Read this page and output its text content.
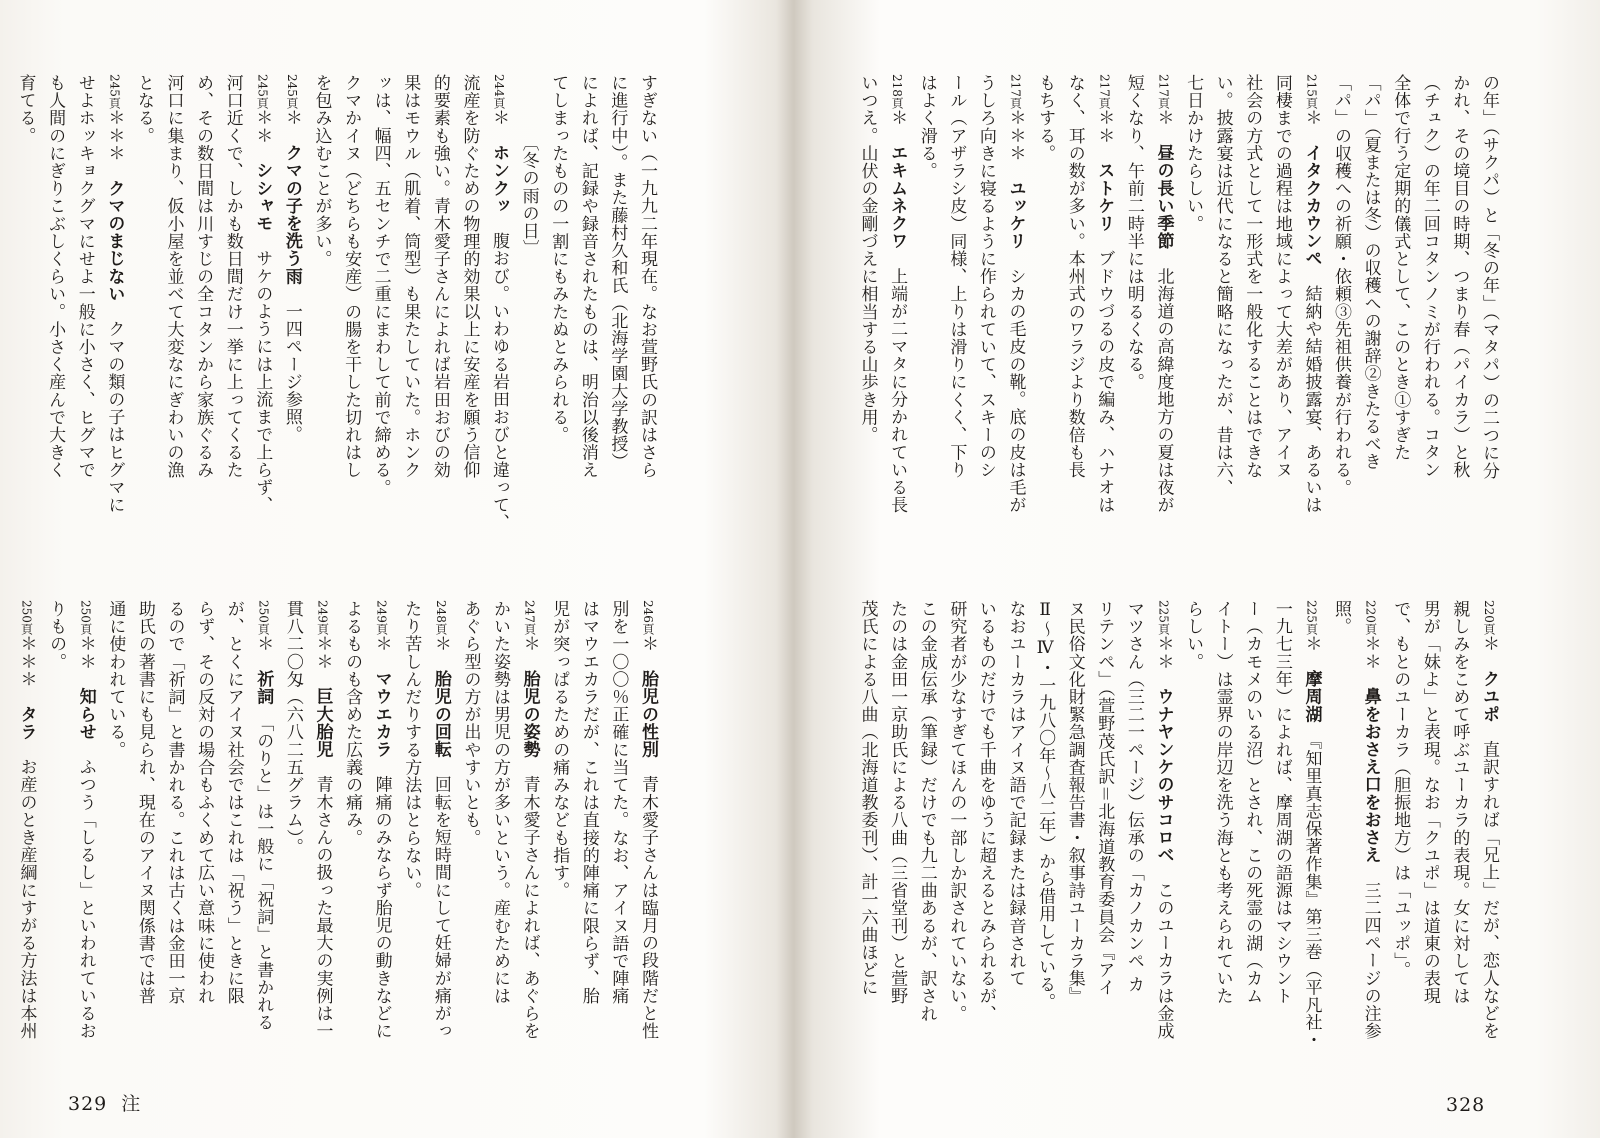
すぎない（一九九二年現在。なお萱野氏の訳はさら
に進行中）。また藤村久和氏（北海学園大学教授）
によれば、記録や録音されたものは、明治以後消え
てしまったものの一割にもみたぬとみられる。
〔冬の雨の日〕
244頁＊　ホンクッ　腹おび。いわゆる岩田おびと違って、
流産を防ぐための物理的効果以上に安産を願う信仰
的要素も強い。青木愛子さんによれば岩田おびの効
果はモウル（肌着、筒型）も果たしていた。ホンク
ッは、幅四、五センチで二重にまわして前で締める。
クマかイヌ（どちらも安産）の腸を干した切れはし
を包み込むことが多い。
245頁＊　クマの子を洗う雨　一四ページ参照。
245頁＊＊　シシャモ　サケのようには上流まで上らず、
河口近くで、しかも数日間だけ一挙に上ってくるた
め、その数日間は川すじの全コタンから家族ぐるみ
河口に集まり、仮小屋を並べて大変なにぎわいの漁
となる。
245頁＊＊＊　クマのまじない　クマの類の子はヒグマに
せよホッキョクグマにせよ一般に小さく、ヒグマで
も人間のにぎりこぶしくらい。小さく産んで大きく
育てる。
246頁＊　胎児の性別　青木愛子さんは臨月の段階だと性
別を一〇〇％正確に当てた。なお、アイヌ語で陣痛
はマウエカラだが、これは直接的陣痛に限らず、胎
児が突っぱるための痛みなども指す。
247頁＊　胎児の姿勢　青木愛子さんによれば、あぐらを
かいた姿勢は男児の方が多いという。産むためには
あぐら型の方が出やすいとも。
248頁＊　胎児の回転　回転を短時間にして妊婦が痛がっ
たり苦しんだりする方法はとらない。
249頁＊　マウエカラ　陣痛のみならず胎児の動きなどに
よるものも含めた広義の痛み。
249頁＊＊　巨大胎児　青木さんの扱った最大の実例は一
貫八二〇匁（六八二五グラム）。
250頁＊　祈詞　「のりと」は一般に「祝詞」と書かれる
が、とくにアイヌ社会ではこれは「祝う」ときに限
らず、その反対の場合もふくめて広い意味に使われ
るので「祈詞」と書かれる。これは古くは金田一京
助氏の著書にも見られ、現在のアイヌ関係書では普
通に使われている。
250頁＊＊　知らせ　ふつう「しるし」といわれているお
りもの。
250頁＊＊＊　タラ　お産のとき産綱にすがる方法は本州
329 注
の年」（サクパ）と「冬の年」（マタパ）の二つに分
かれ、その境目の時期、つまり春（パイカラ）と秋
（チュク）の年二回コタンノミが行われる。コタン
全体で行う定期的儀式として、このとき①すぎた
「パ」（夏または冬）の収穫への謝辞②きたるべき
「パ」の収穫への祈願・依頼③先祖供養が行われる。
215頁＊　イタクカウンペ　結納や結婚披露宴、あるいは
同棲までの過程は地域によって大差があり、アイヌ
社会の方式として一形式を一般化することはできな
い。披露宴は近代になると簡略になったが、昔は六、
七日かけたらしい。
217頁＊　昼の長い季節　北海道の高緯度地方の夏は夜が
短くなり、午前二時半には明るくなる。
217頁＊＊　ストケリ　ブドウづるの皮で編み、ハナオは
なく、耳の数が多い。本州式のワラジより数倍も長
もちする。
217頁＊＊＊　ユッケリ　シカの毛皮の靴。底の皮は毛が
うしろ向きに寝るように作られていて、スキーのシ
ール（アザラシ皮）同様、上りは滑りにくく、下り
はよく滑る。
218頁＊　エキムネクワ　上端が二マタに分かれている長
いつえ。山伏の金剛づえに相当する山歩き用。
220頁＊　クユポ　直訳すれば「兄上」だが、恋人などを
親しみをこめて呼ぶユーカラ的表現。女に対しては
男が「妹よ」と表現。なお「クユポ」は道東の表現
で、もとのユーカラ（胆振地方）は「ユッポ」。
220頁＊＊　鼻をおさえ口をおさえ　三二四ページの注参
照。
225頁＊　摩周湖　『知里真志保著作集』第三巻（平凡社・
一九七三年）によれば、摩周湖の語源はマシウント
ー（カモメのいる沼）とされ、この死霊の湖（カム
イトー）は霊界の岸辺を洗う海とも考えられていた
らしい。
225頁＊＊　ウナヤンケのサコロベ　このユーカラは金成
マツさん（三二一ページ）伝承の「カノカンペ カ
リテンペ」（萱野茂氏訳＝北海道教育委員会『アイ
ヌ民俗文化財緊急調査報告書・叙事詩ユーカラ集』
Ⅱ～Ⅳ・一九八〇年～八二年）から借用している。
なおユーカラはアイヌ語で記録または録音されて
いるものだけでも千曲をゆうに超えるとみられるが、
研究者が少なすぎてほんの一部しか訳されていない。
この金成伝承（筆録）だけでも九二曲あるが、訳され
たのは金田一京助氏による八曲（三省堂刊）と萱野
茂氏による八曲（北海道教委刊）、計一六曲ほどに
328
